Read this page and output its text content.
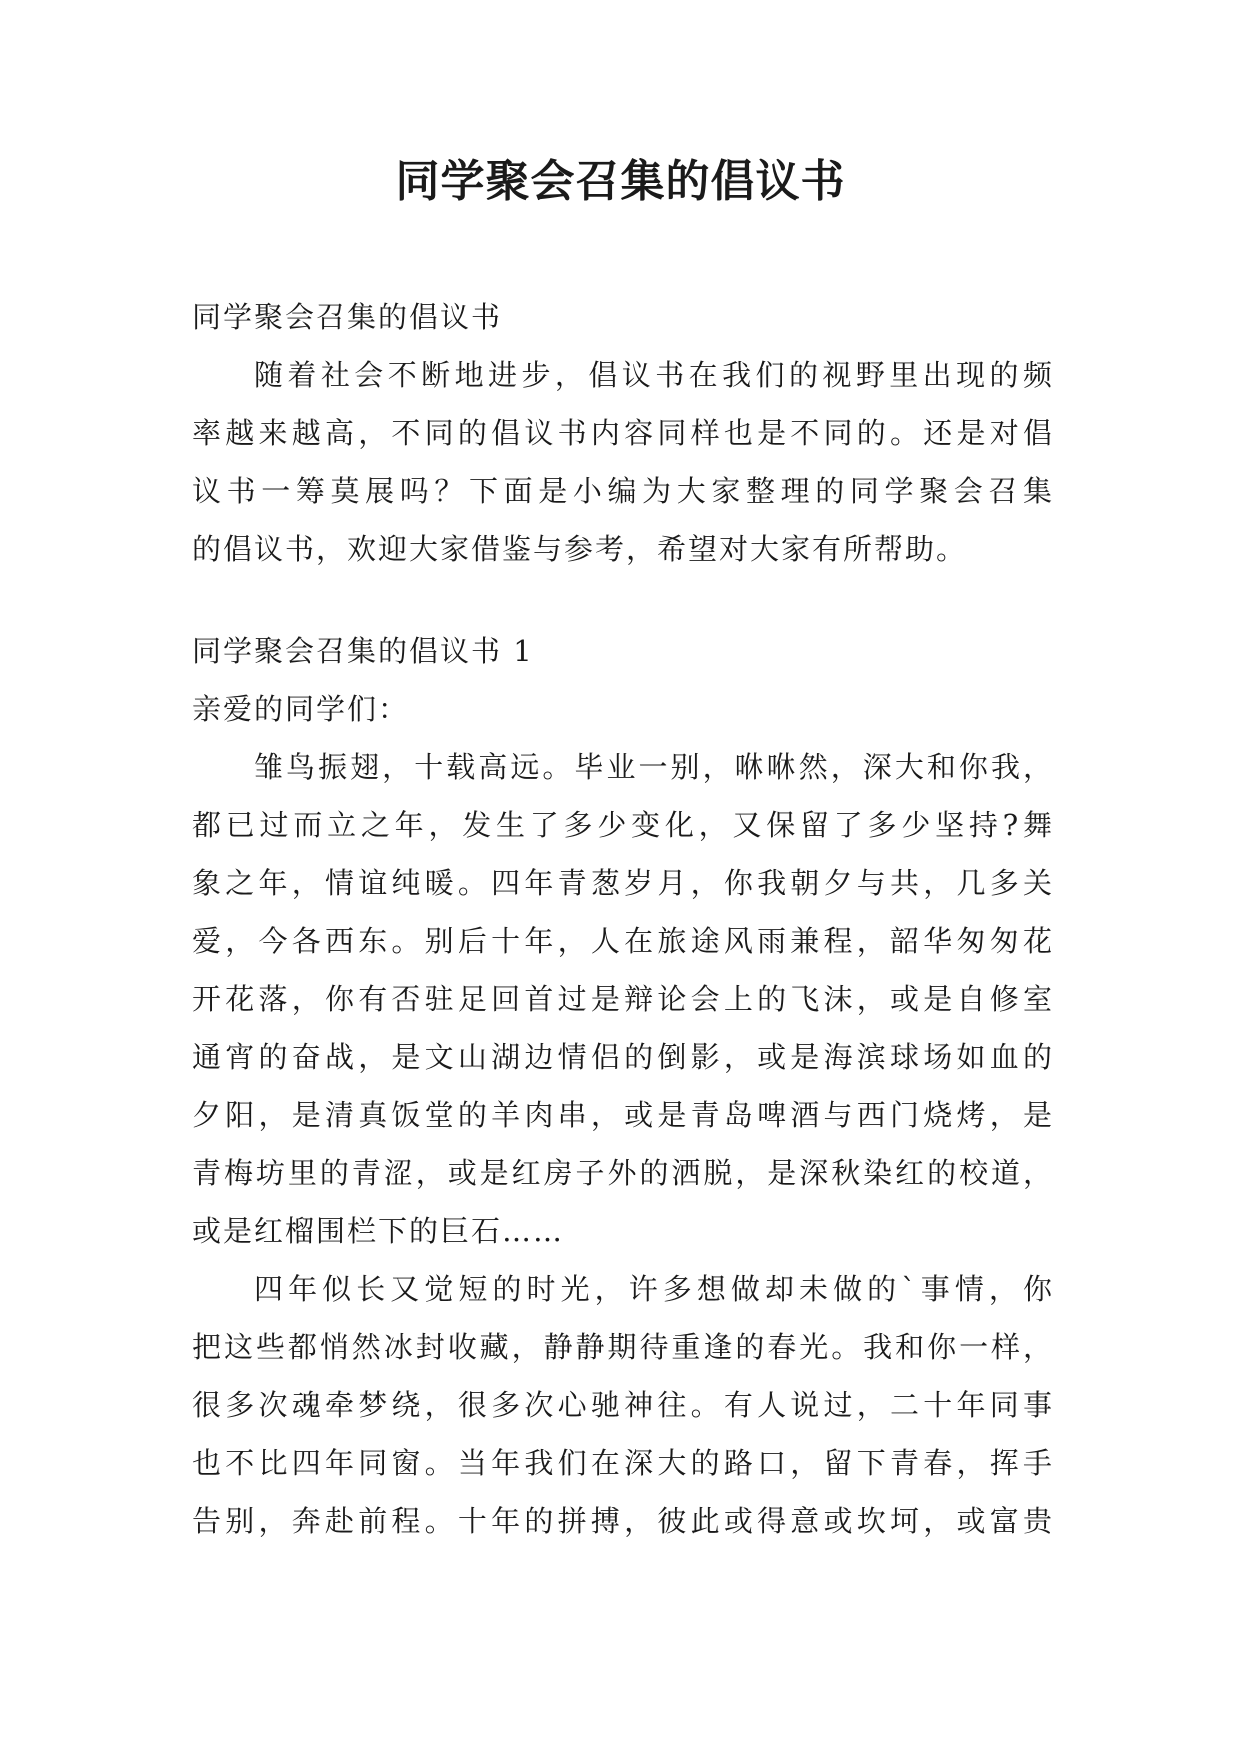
同学聚会召集的倡议书
同学聚会召集的倡议书
随着社会不断地进步，倡议书在我们的视野里出现的频
率越来越高，不同的倡议书内容同样也是不同的。还是对倡
议书一筹莫展吗？下面是小编为大家整理的同学聚会召集
的倡议书，欢迎大家借鉴与参考，希望对大家有所帮助。
同学聚会召集的倡议书 1
亲爱的同学们：
雏鸟振翅，十载高远。毕业一别，咻咻然，深大和你我，
都已过而立之年，发生了多少变化，又保留了多少坚持?舞
象之年，情谊纯暖。四年青葱岁月，你我朝夕与共，几多关
爱，今各西东。别后十年，人在旅途风雨兼程，韶华匆匆花
开花落，你有否驻足回首过是辩论会上的飞沫，或是自修室
通宵的奋战，是文山湖边情侣的倒影，或是海滨球场如血的
夕阳，是清真饭堂的羊肉串，或是青岛啤酒与西门烧烤，是
青梅坊里的青涩，或是红房子外的洒脱，是深秋染红的校道，
或是红榴围栏下的巨石……
四年似长又觉短的时光，许多想做却未做的`事情，你
把这些都悄然冰封收藏，静静期待重逢的春光。我和你一样，
很多次魂牵梦绕，很多次心驰神往。有人说过，二十年同事
也不比四年同窗。当年我们在深大的路口，留下青春，挥手
告别，奔赴前程。十年的拼搏，彼此或得意或坎坷，或富贵
